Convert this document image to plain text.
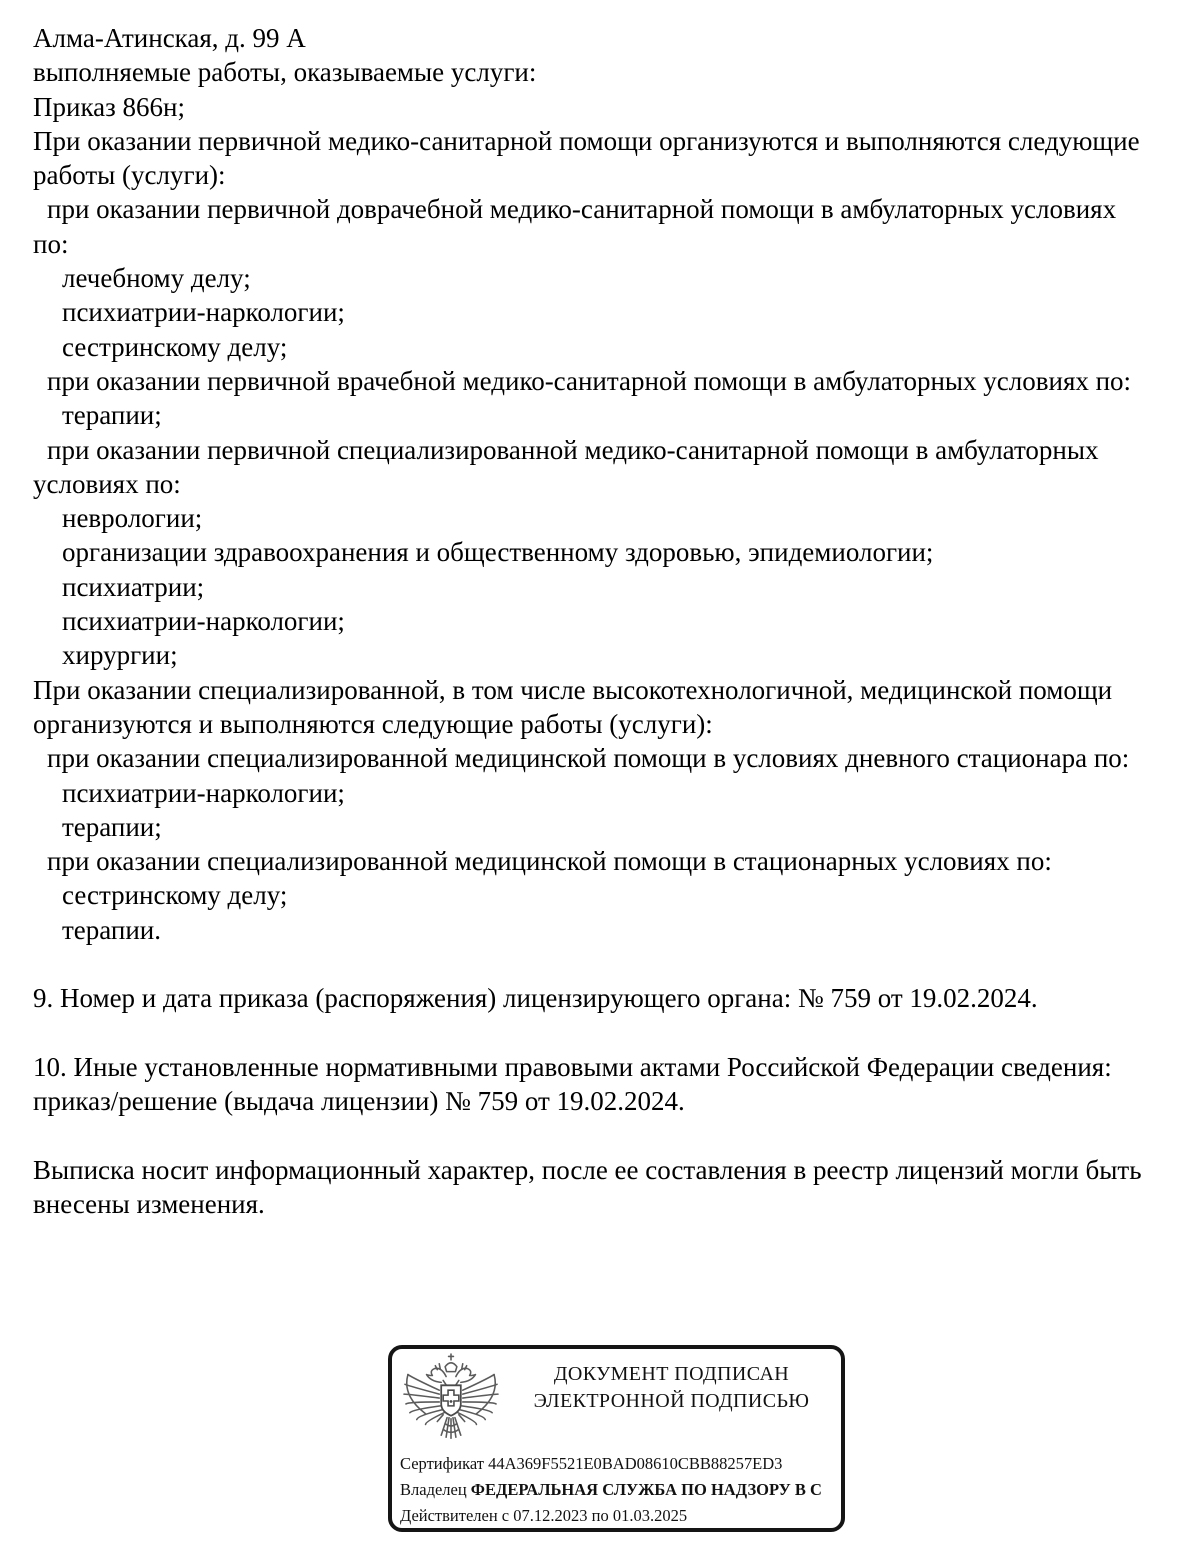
Алма-Атинская, д. 99 А
выполняемые работы, оказываемые услуги:
Приказ 866н;
При оказании первичной медико-санитарной помощи организуются и выполняются следующие
работы (услуги):
при оказании первичной доврачебной медико-санитарной помощи в амбулаторных условиях
по:
лечебному делу;
психиатрии-наркологии;
сестринскому делу;
при оказании первичной врачебной медико-санитарной помощи в амбулаторных условиях по:
терапии;
при оказании первичной специализированной медико-санитарной помощи в амбулаторных
условиях по:
неврологии;
организации здравоохранения и общественному здоровью, эпидемиологии;
психиатрии;
психиатрии-наркологии;
хирургии;
При оказании специализированной, в том числе высокотехнологичной, медицинской помощи
организуются и выполняются следующие работы (услуги):
при оказании специализированной медицинской помощи в условиях дневного стационара по:
психиатрии-наркологии;
терапии;
при оказании специализированной медицинской помощи в стационарных условиях по:
сестринскому делу;
терапии.

9. Номер и дата приказа (распоряжения) лицензирующего органа: № 759 от 19.02.2024.

10. Иные установленные нормативными правовыми актами Российской Федерации сведения:
приказ/решение (выдача лицензии) № 759 от 19.02.2024.

Выписка носит информационный характер, после ее составления в реестр лицензий могли быть
внесены изменения.
ДОКУМЕНТ ПОДПИСАН
ЭЛЕКТРОННОЙ ПОДПИСЬЮ
Сертификат 44A369F5521E0BAD08610CBB88257ED3
Владелец ФЕДЕРАЛЬНАЯ СЛУЖБА ПО НАДЗОРУ В С
Действителен с 07.12.2023 по 01.03.2025
